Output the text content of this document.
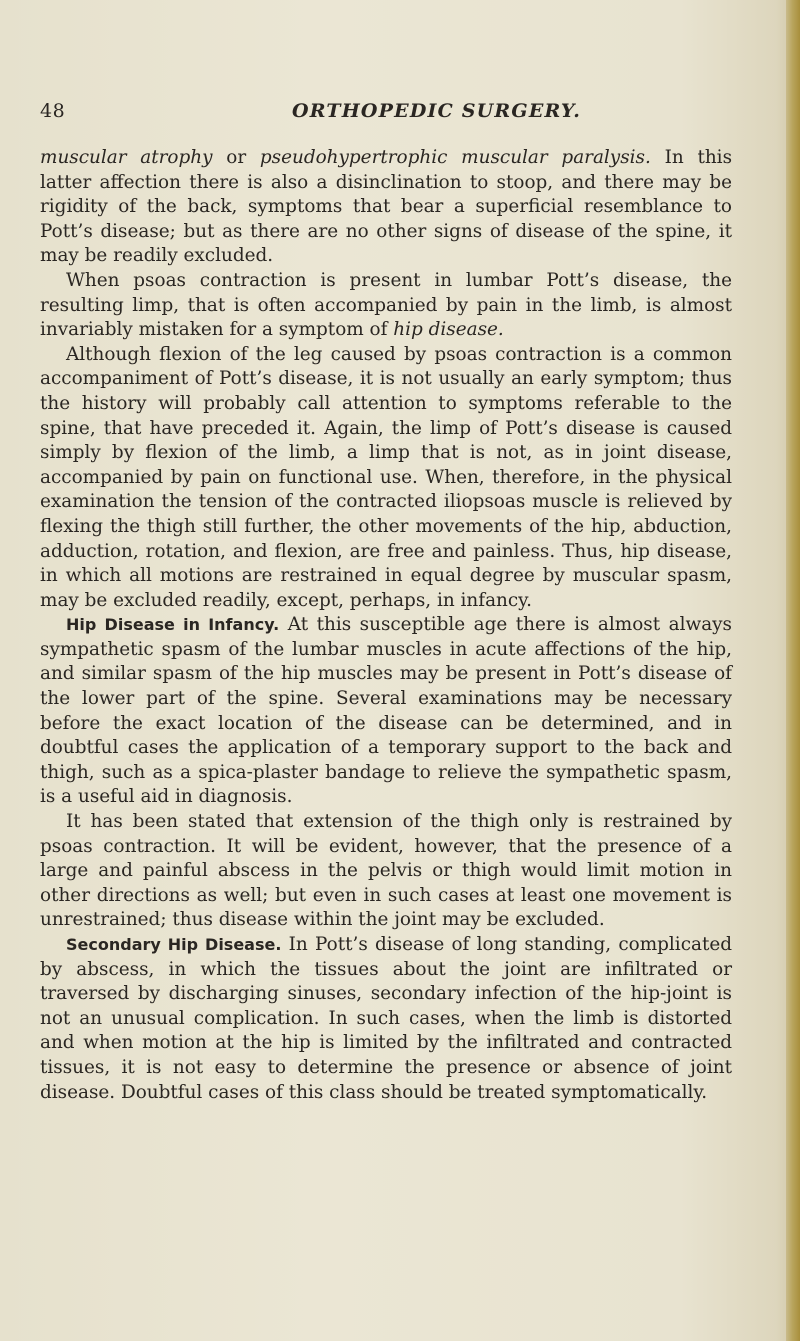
48	ORTHOPEDIC SURGERY.

muscular atrophy or pseudohypertrophic muscular paralysis. In this latter affection there is also a disinclination to stoop, and there may be rigidity of the back, symptoms that bear a superficial resemblance to Pott’s disease; but as there are no other signs of disease of the spine, it may be readily excluded.

When psoas contraction is present in lumbar Pott’s disease, the resulting limp, that is often accompanied by pain in the limb, is almost invariably mistaken for a symptom of hip disease.

Although flexion of the leg caused by psoas contraction is a common accompaniment of Pott’s disease, it is not usually an early symptom; thus the history will probably call attention to symptoms referable to the spine, that have preceded it. Again, the limp of Pott’s disease is caused simply by flexion of the limb, a limp that is not, as in joint disease, accompanied by pain on functional use. When, therefore, in the physical examination the tension of the contracted iliopsoas muscle is relieved by flexing the thigh still further, the other movements of the hip, abduction, adduction, rotation, and flexion, are free and painless. Thus, hip disease, in which all motions are restrained in equal degree by muscular spasm, may be excluded readily, except, perhaps, in infancy.

Hip Disease in Infancy. At this susceptible age there is almost always sympathetic spasm of the lumbar muscles in acute affections of the hip, and similar spasm of the hip muscles may be present in Pott’s disease of the lower part of the spine. Several examinations may be necessary before the exact location of the disease can be determined, and in doubtful cases the application of a temporary support to the back and thigh, such as a spica-plaster bandage to relieve the sympathetic spasm, is a useful aid in diagnosis.

It has been stated that extension of the thigh only is restrained by psoas contraction. It will be evident, however, that the presence of a large and painful abscess in the pelvis or thigh would limit motion in other directions as well; but even in such cases at least one movement is unrestrained; thus disease within the joint may be excluded.

Secondary Hip Disease. In Pott’s disease of long standing, complicated by abscess, in which the tissues about the joint are infiltrated or traversed by discharging sinuses, secondary infection of the hip-joint is not an unusual complication. In such cases, when the limb is distorted and when motion at the hip is limited by the infiltrated and contracted tissues, it is not easy to determine the presence or absence of joint disease. Doubtful cases of this class should be treated symptomatically.
